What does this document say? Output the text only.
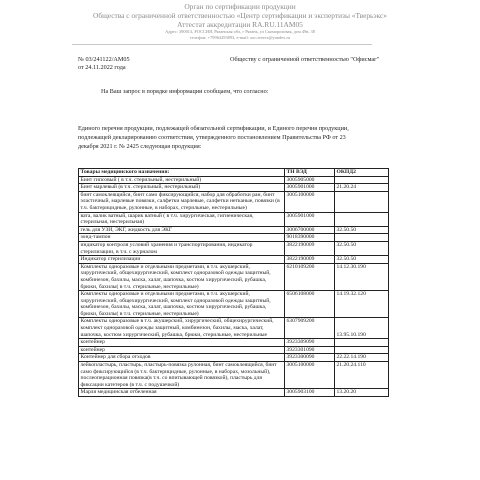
Орган по сертификации продукции
Общества с ограниченной ответственностью «Центр сертификации и экспертизы «Тверьэкс»
Аттестат аккредитации RA.RU.11AM05
Адрес: 390013, РОССИЯ, Рязанская обл, г Рязань, ул Скомороховая, дом 49в, 38
телефон: +79964293893, e-mail: ooo.tverex@yandex.ru
№ 03/241122/АМ05
от 24.11.2022 года
Обществу с ограниченной ответственностью "Офисмаг"
На Ваш запрос в порядке информации сообщаем, что согласно:
Единого перечня продукции, подлежащей обязательной сертификации, и Единого перечня продукции,
подлежащей декларированию соответствия, утвержденного постановлением Правительства РФ от 23
декабря 2021 г. № 2425 следующая продукция:
Товары медицинского назначения:	ТН ВЭД	ОКПД2
Бинт гипсовый ( в т.ч. стерильный, нестерильный)	3005905000	
Бинт марлевый (в т.ч. стерильный, нестерильный)	3005901000	21.20.24
бинт самоклеящийся, бинт само фиксирующийся, набор для обработки ран, бинт эластичный, марлевые повязки, салфетки марлевые, салфетки нетканые, повязки (в т.ч. бактерицидные, рулонные, в наборах, стерильные, нестерильные)	3005100000	
вата, валик ватный, шарик ватный ( в т.ч. хирургическая, гигиеническая, стерильная, нестерильная)	3005901000	
гель для УЗИ, ЭКГ, жидкость для ЭКГ	3006700000	32.50.50
зонд-тампон	9018390000	
индикатор контроля условий хранения и транспортирования, индикатор стерилизации, в т.ч. с журналом	3822190009	32.50.50
Индикатор стерилизации	3822190009	32.50.50
Комплекты одноразовые и отдельными предметами, в т.ч. акушерский, хирургический, общехирургический, комплект одноразовой одежды защитный, комбинезон, бахилы, маска, халат, шапочка, костюм хирургический, рубашка, брюки, бахилы( в т.ч. стерильные, нестерильные)	6210109200	14.12.30.190
Комплекты одноразовые и отдельными предметами, в т.ч. акушерский, хирургический, общехирургический, комплект одноразовой одежды защитный, комбинезон, бахилы, маска, халат, шапочка, костюм хирургический, рубашка, брюки, бахилы( в т.ч. стерильные, нестерильные)	6506108000	14.19.32.120
Комплекты одноразовые в т.ч. акушерский, хирургический, общехирургический, комплект одноразовой одежды защитный, комбинезон, бахилы, маска, халат, шапочка, костюм хирургический, рубашка, брюки, стерильные, нестерильные	6307909200	13.95.10.190
контейнер	3923309090	
контейнер	3923301090	
Контейнер для сбора отходов	3923300090	22.22.14.190
лейкопластырь, пластырь, пластырь-повязка рулонная, бинт самоклеящийся, бинт само фиксирующийся (в т.ч. бактерицидные, рулонные, в наборах, мозольный), послеоперационная повязка(в т.ч. со впитывающей повязкой), пластырь для фиксации катетеров (в т.ч. с подушечкой)	3005100000	21.20.24.110
Марля медицинская отбеленная	3005903100	13.20.20
